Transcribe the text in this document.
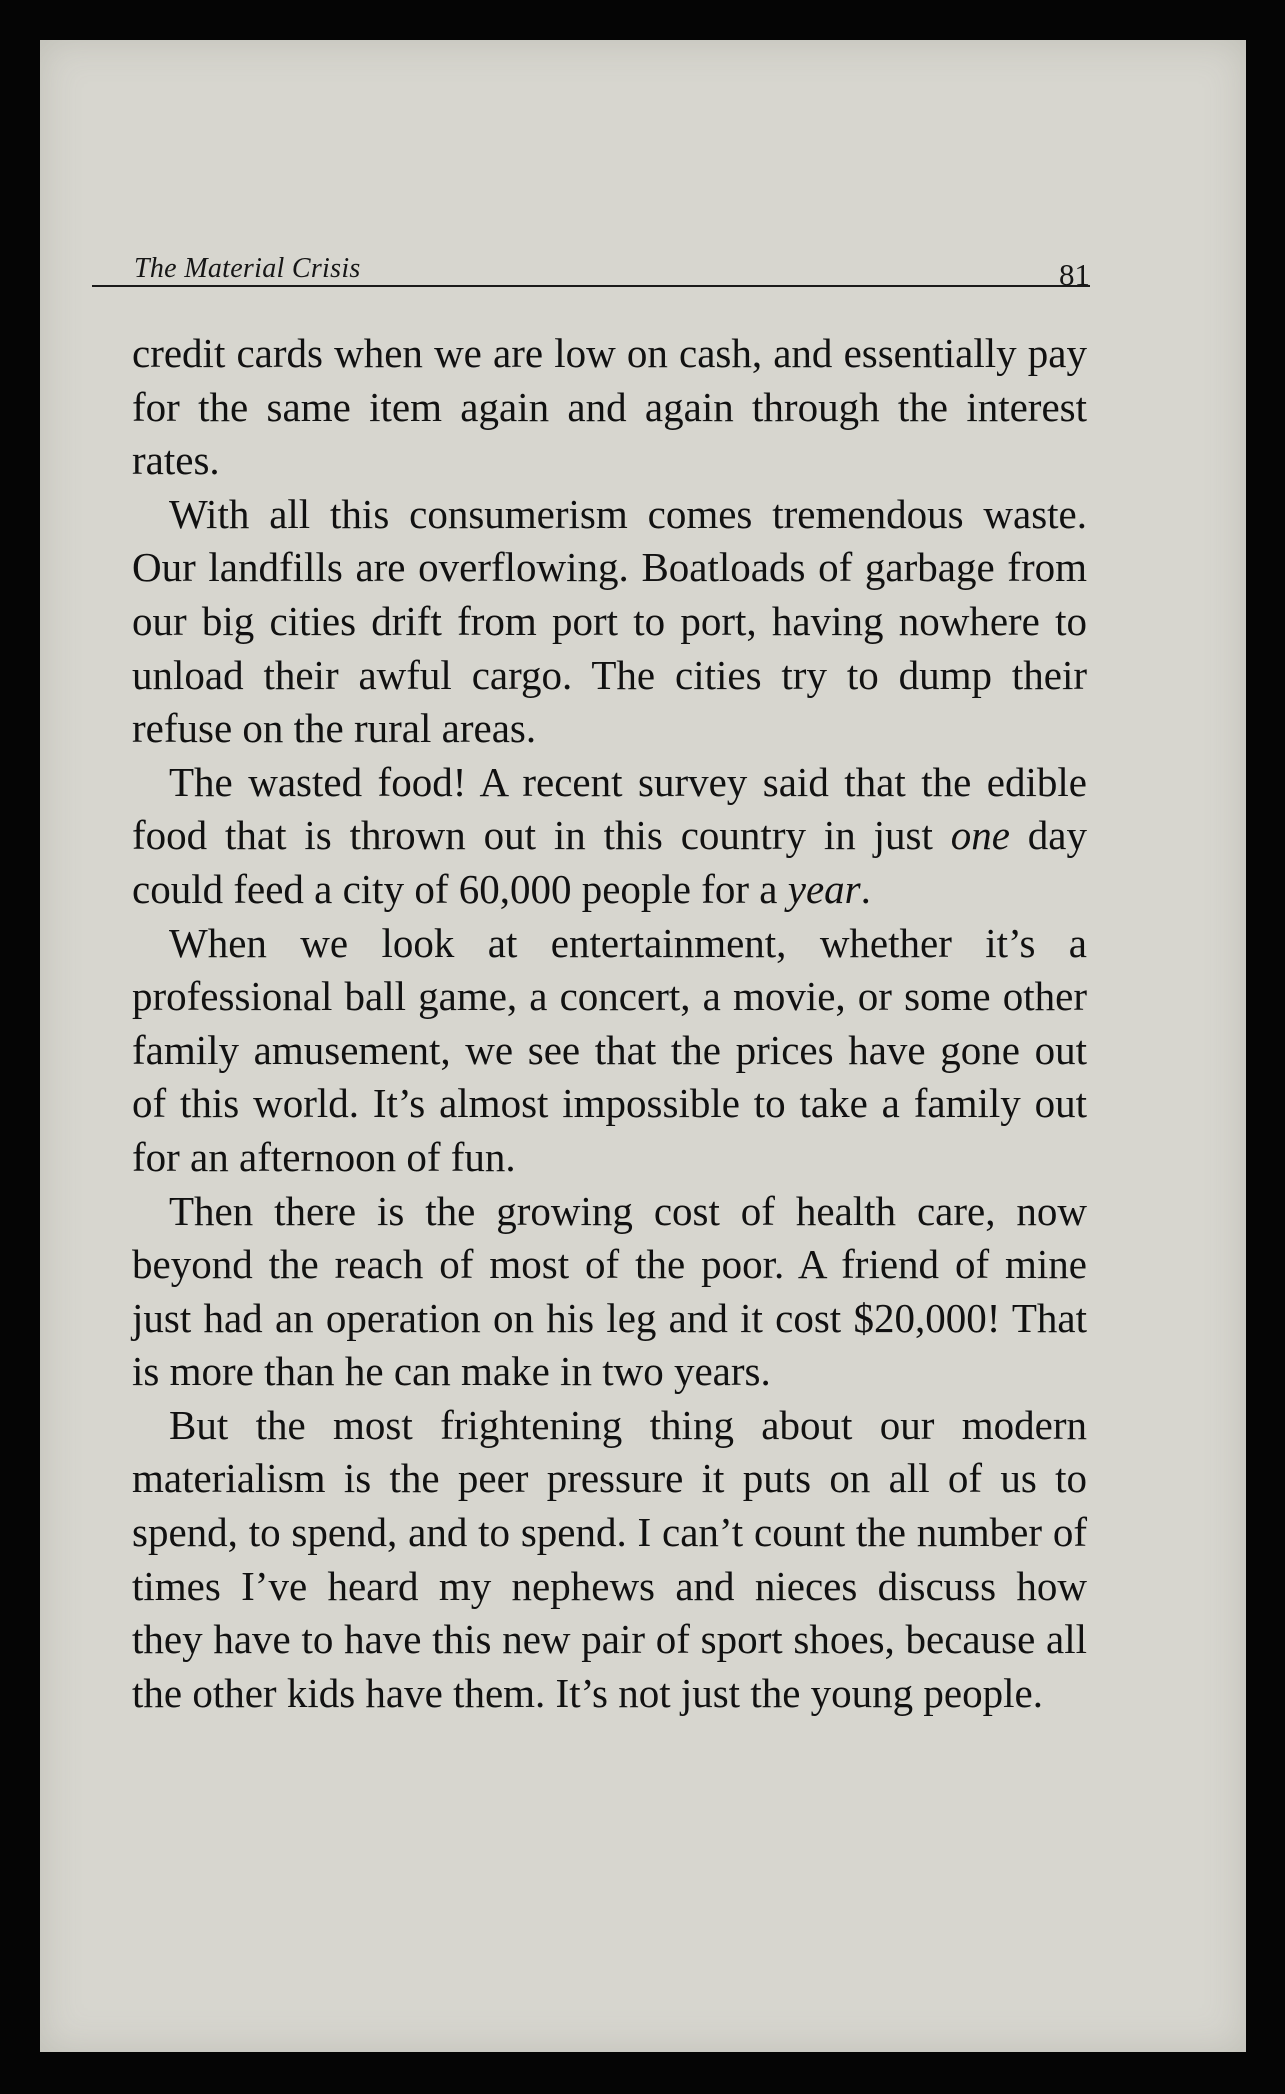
The Material Crisis	81

credit cards when we are low on cash, and essentially pay for the same item again and again through the interest rates.

With all this consumerism comes tremendous waste. Our landfills are overflowing. Boatloads of garbage from our big cities drift from port to port, having nowhere to unload their awful cargo. The cities try to dump their refuse on the rural areas.

The wasted food! A recent survey said that the edible food that is thrown out in this country in just one day could feed a city of 60,000 people for a year.

When we look at entertainment, whether it’s a professional ball game, a concert, a movie, or some other family amusement, we see that the prices have gone out of this world. It’s almost impossible to take a family out for an afternoon of fun.

Then there is the growing cost of health care, now beyond the reach of most of the poor. A friend of mine just had an operation on his leg and it cost $20,000! That is more than he can make in two years.

But the most frightening thing about our modern materialism is the peer pressure it puts on all of us to spend, to spend, and to spend. I can’t count the number of times I’ve heard my nephews and nieces discuss how they have to have this new pair of sport shoes, because all the other kids have them. It’s not just the young people.
